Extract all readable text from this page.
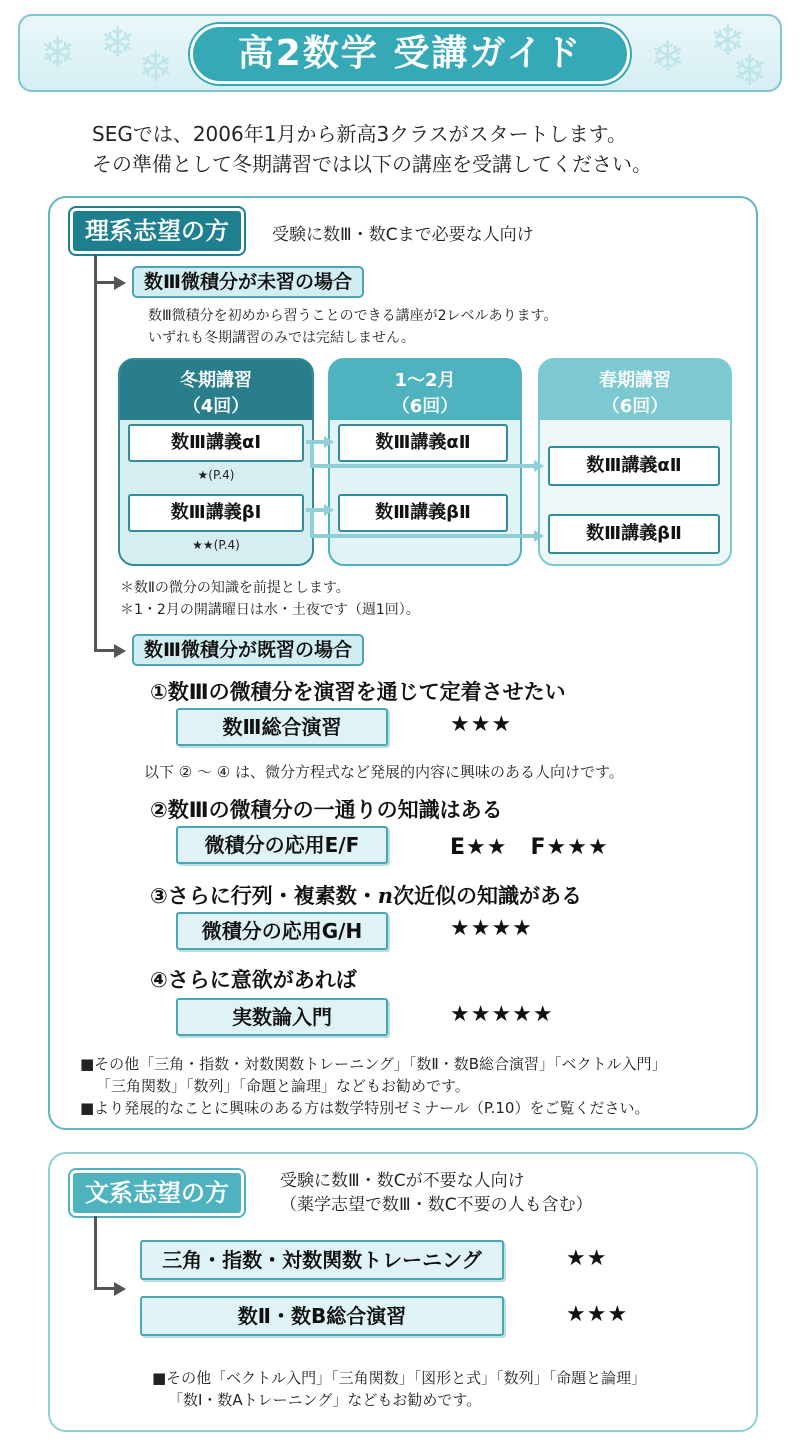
❄ ❄ ❄	❄ ❄
❄
高2数学 受講ガイド
SEGでは、2006年1月から新高3クラスがスタートします。
その準備として冬期講習では以下の講座を受講してください。
理系志望の方	受験に数Ⅲ・数Cまで必要な人向け
数Ⅲ微積分が未習の場合
数Ⅲ微積分を初めから習うことのできる講座が2レベルあります。
いずれも冬期講習のみでは完結しません。
冬期講習
（4回）
1～2月
（6回）
春期講習
（6回）
数Ⅲ講義αⅠ
★(P.4)
数Ⅲ講義βⅠ
★★(P.4)
数Ⅲ講義αⅡ
数Ⅲ講義βⅡ
数Ⅲ講義αⅡ
数Ⅲ講義βⅡ
＊数Ⅱの微分の知識を前提とします。
＊1・2月の開講曜日は水・土夜です（週1回）。
数Ⅲ微積分が既習の場合
①数Ⅲの微積分を演習を通じて定着させたい
数Ⅲ総合演習	★★★
以下 ② ～ ④ は、微分方程式など発展的内容に興味のある人向けです。
②数Ⅲの微積分の一通りの知識はある
微積分の応用E/F	E★★　F★★★
③さらに行列・複素数・n次近似の知識がある
微積分の応用G/H	★★★★
④さらに意欲があれば
実数論入門	★★★★★
■その他「三角・指数・対数関数トレーニング」「数Ⅱ・数B総合演習」「ベクトル入門」
「三角関数」「数列」「命題と論理」などもお勧めです。
■より発展的なことに興味のある方は数学特別ゼミナール（P.10）をご覧ください。
文系志望の方	受験に数Ⅲ・数Cが不要な人向け
（薬学志望で数Ⅲ・数C不要の人も含む）
三角・指数・対数関数トレーニング	★★
数Ⅱ・数B総合演習	★★★
■その他「ベクトル入門」「三角関数」「図形と式」「数列」「命題と論理」
「数Ⅰ・数Aトレーニング」などもお勧めです。
